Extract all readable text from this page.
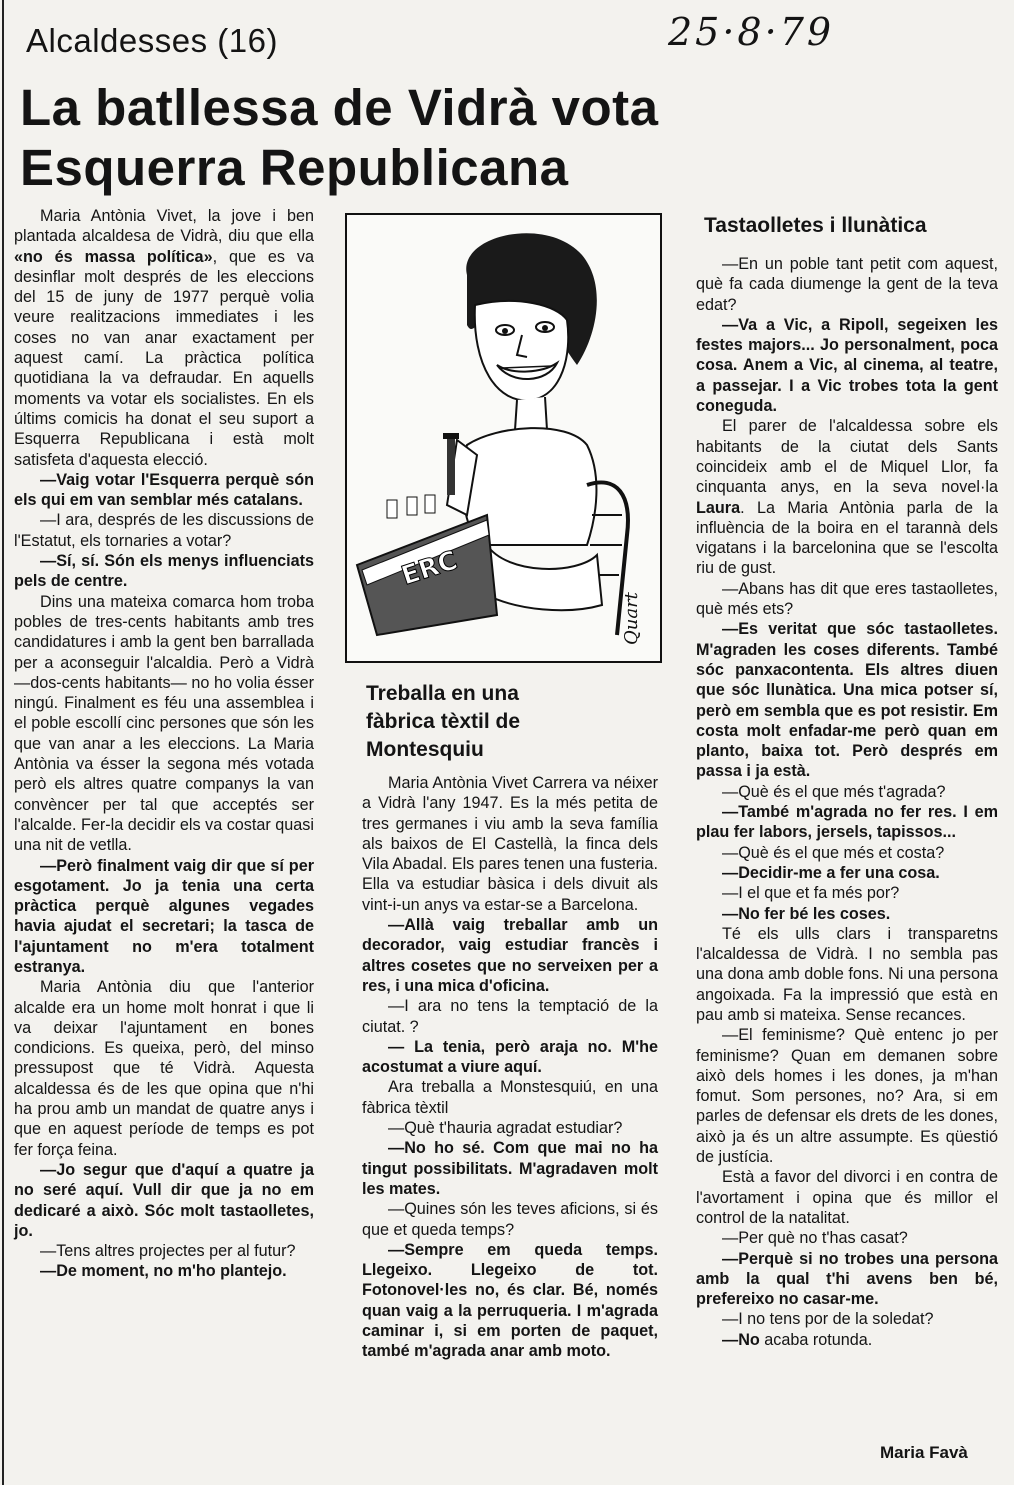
Alcaldesses (16)	25·8·79
La batllessa de Vidrà vota Esquerra Republicana

Maria Antònia Vivet, la jove i ben plantada alcaldesa de Vidrà, diu que ella «no és massa política», que es va desinflar molt després de les eleccions del 15 de juny de 1977 perquè volia veure realitzacions immediates i les coses no van anar exactament per aquest camí. La pràctica política quotidiana la va defraudar. En aquells moments va votar els socialistes. En els últims comicis ha donat el seu suport a Esquerra Republicana i està molt satisfeta d'aquesta elecció.

—Vaig votar l'Esquerra perquè són els qui em van semblar més catalans.

—I ara, després de les discussions de l'Estatut, els tornaries a votar?

—Sí, sí. Són els menys influenciats pels de centre.

Dins una mateixa comarca hom troba pobles de tres-cents habitants amb tres candidatures i amb la gent ben barrallada per a aconseguir l'alcaldia. Però a Vidrà —dos-cents habitants— no ho volia ésser ningú. Finalment es féu una assemblea i el poble escollí cinc persones que són les que van anar a les eleccions. La Maria Antònia va ésser la segona més votada però els altres quatre companys la van convèncer per tal que acceptés ser l'alcalde. Fer-la decidir els va costar quasi una nit de vetlla.

—Però finalment vaig dir que sí per esgotament. Jo ja tenia una certa pràctica perquè algunes vegades havia ajudat el secretari; la tasca de l'ajuntament no m'era totalment estranya.

Maria Antònia diu que l'anterior alcalde era un home molt honrat i que li va deixar l'ajuntament en bones condicions. Es queixa, però, del minso pressupost que té Vidrà. Aquesta alcaldessa és de les que opina que n'hi ha prou amb un mandat de quatre anys i que en aquest període de temps es pot fer força feina.

—Jo segur que d'aquí a quatre ja no seré aquí. Vull dir que ja no em dedicaré a això. Sóc molt tastaolletes, jo.

—Tens altres projectes per al futur?

—De moment, no m'ho plantejo.

ERC
Quart
Treballa en una fàbrica tèxtil de Montesquiu

Maria Antònia Vivet Carrera va néixer a Vidrà l'any 1947. Es la més petita de tres germanes i viu amb la seva família als baixos de El Castellà, la finca dels Vila Abadal. Els pares tenen una fusteria. Ella va estudiar bàsica i dels divuit als vint-i-un anys va estar-se a Barcelona.

—Allà vaig treballar amb un decorador, vaig estudiar francès i altres cosetes que no serveixen per a res, i una mica d'oficina.

—I ara no tens la temptació de la ciutat. ?

— La tenia, però araja no. M'he acostumat a viure aquí.

Ara treballa a Monstesquiú, en una fàbrica tèxtil

—Què t'hauria agradat estudiar?

—No ho sé. Com que mai no ha tingut possibilitats. M'agradaven molt les mates.

—Quines són les teves aficions, si és que et queda temps?

—Sempre em queda temps. Llegeixo. Llegeixo de tot. Fotonovel·les no, és clar. Bé, només quan vaig a la perruqueria. I m'agrada caminar i, si em porten de paquet, també m'agrada anar amb moto.

Tastaolletes i llunàtica

—En un poble tant petit com aquest, què fa cada diumenge la gent de la teva edat?

—Va a Vic, a Ripoll, segeixen les festes majors... Jo personalment, poca cosa. Anem a Vic, al cinema, al teatre, a passejar. I a Vic trobes tota la gent coneguda.

El parer de l'alcaldessa sobre els habitants de la ciutat dels Sants coincideix amb el de Miquel Llor, fa cinquanta anys, en la seva novel·la Laura. La Maria Antònia parla de la influència de la boira en el tarannà dels vigatans i la barcelonina que se l'escolta riu de gust.

—Abans has dit que eres tastaolletes, què més ets?

—Es veritat que sóc tastaolletes. M'agraden les coses diferents. També sóc panxacontenta. Els altres diuen que sóc llunàtica. Una mica potser sí, però em sembla que es pot resistir. Em costa molt enfadar-me però quan em planto, baixa tot. Però després em passa i ja està.

—Què és el que més t'agrada?

—També m'agrada no fer res. I em plau fer labors, jersels, tapissos...

—Què és el que més et costa?

—Decidir-me a fer una cosa.

—I el que et fa més por?

—No fer bé les coses.

Té els ulls clars i transparetns l'alcaldessa de Vidrà. I no sembla pas una dona amb doble fons. Ni una persona angoixada. Fa la impressió que està en pau amb si mateixa. Sense recances.

—El feminisme? Què entenc jo per feminisme? Quan em demanen sobre això dels homes i les dones, ja m'han fomut. Som persones, no? Ara, si em parles de defensar els drets de les dones, això ja és un altre assumpte. Es qüestió de justícia.

Està a favor del divorci i en contra de l'avortament i opina que és millor el control de la natalitat.

—Per què no t'has casat?

—Perquè si no trobes una persona amb la qual t'hi avens ben bé, prefereixo no casar-me.

—I no tens por de la soledat?

—No acaba rotunda.

Maria Favà
